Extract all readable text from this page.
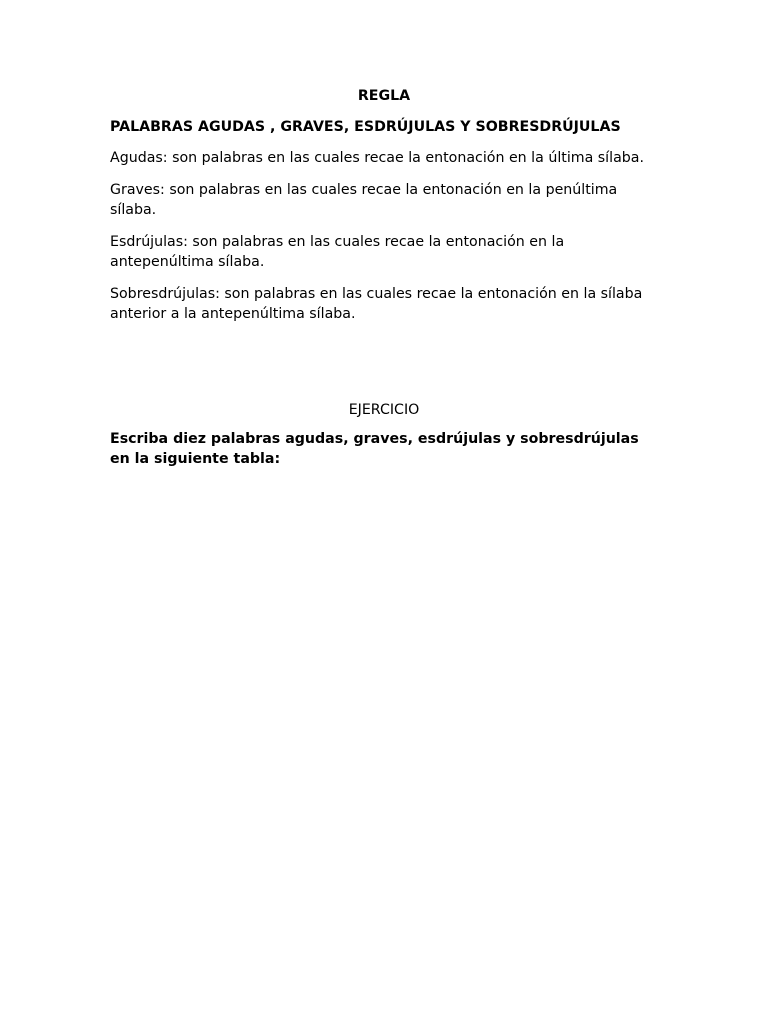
REGLA

PALABRAS AGUDAS , GRAVES, ESDRÚJULAS Y SOBRESDRÚJULAS

Agudas: son palabras en las cuales recae la entonación en la última sílaba.

Graves: son palabras en las cuales recae la entonación en la penúltima sílaba.

Esdrújulas: son palabras en las cuales recae la entonación en la antepenúltima sílaba.

Sobresdrújulas: son palabras en las cuales recae la entonación en la sílaba anterior a la antepenúltima sílaba.

EJERCICIO

Escriba diez palabras agudas, graves, esdrújulas y sobresdrújulas en la siguiente tabla:
